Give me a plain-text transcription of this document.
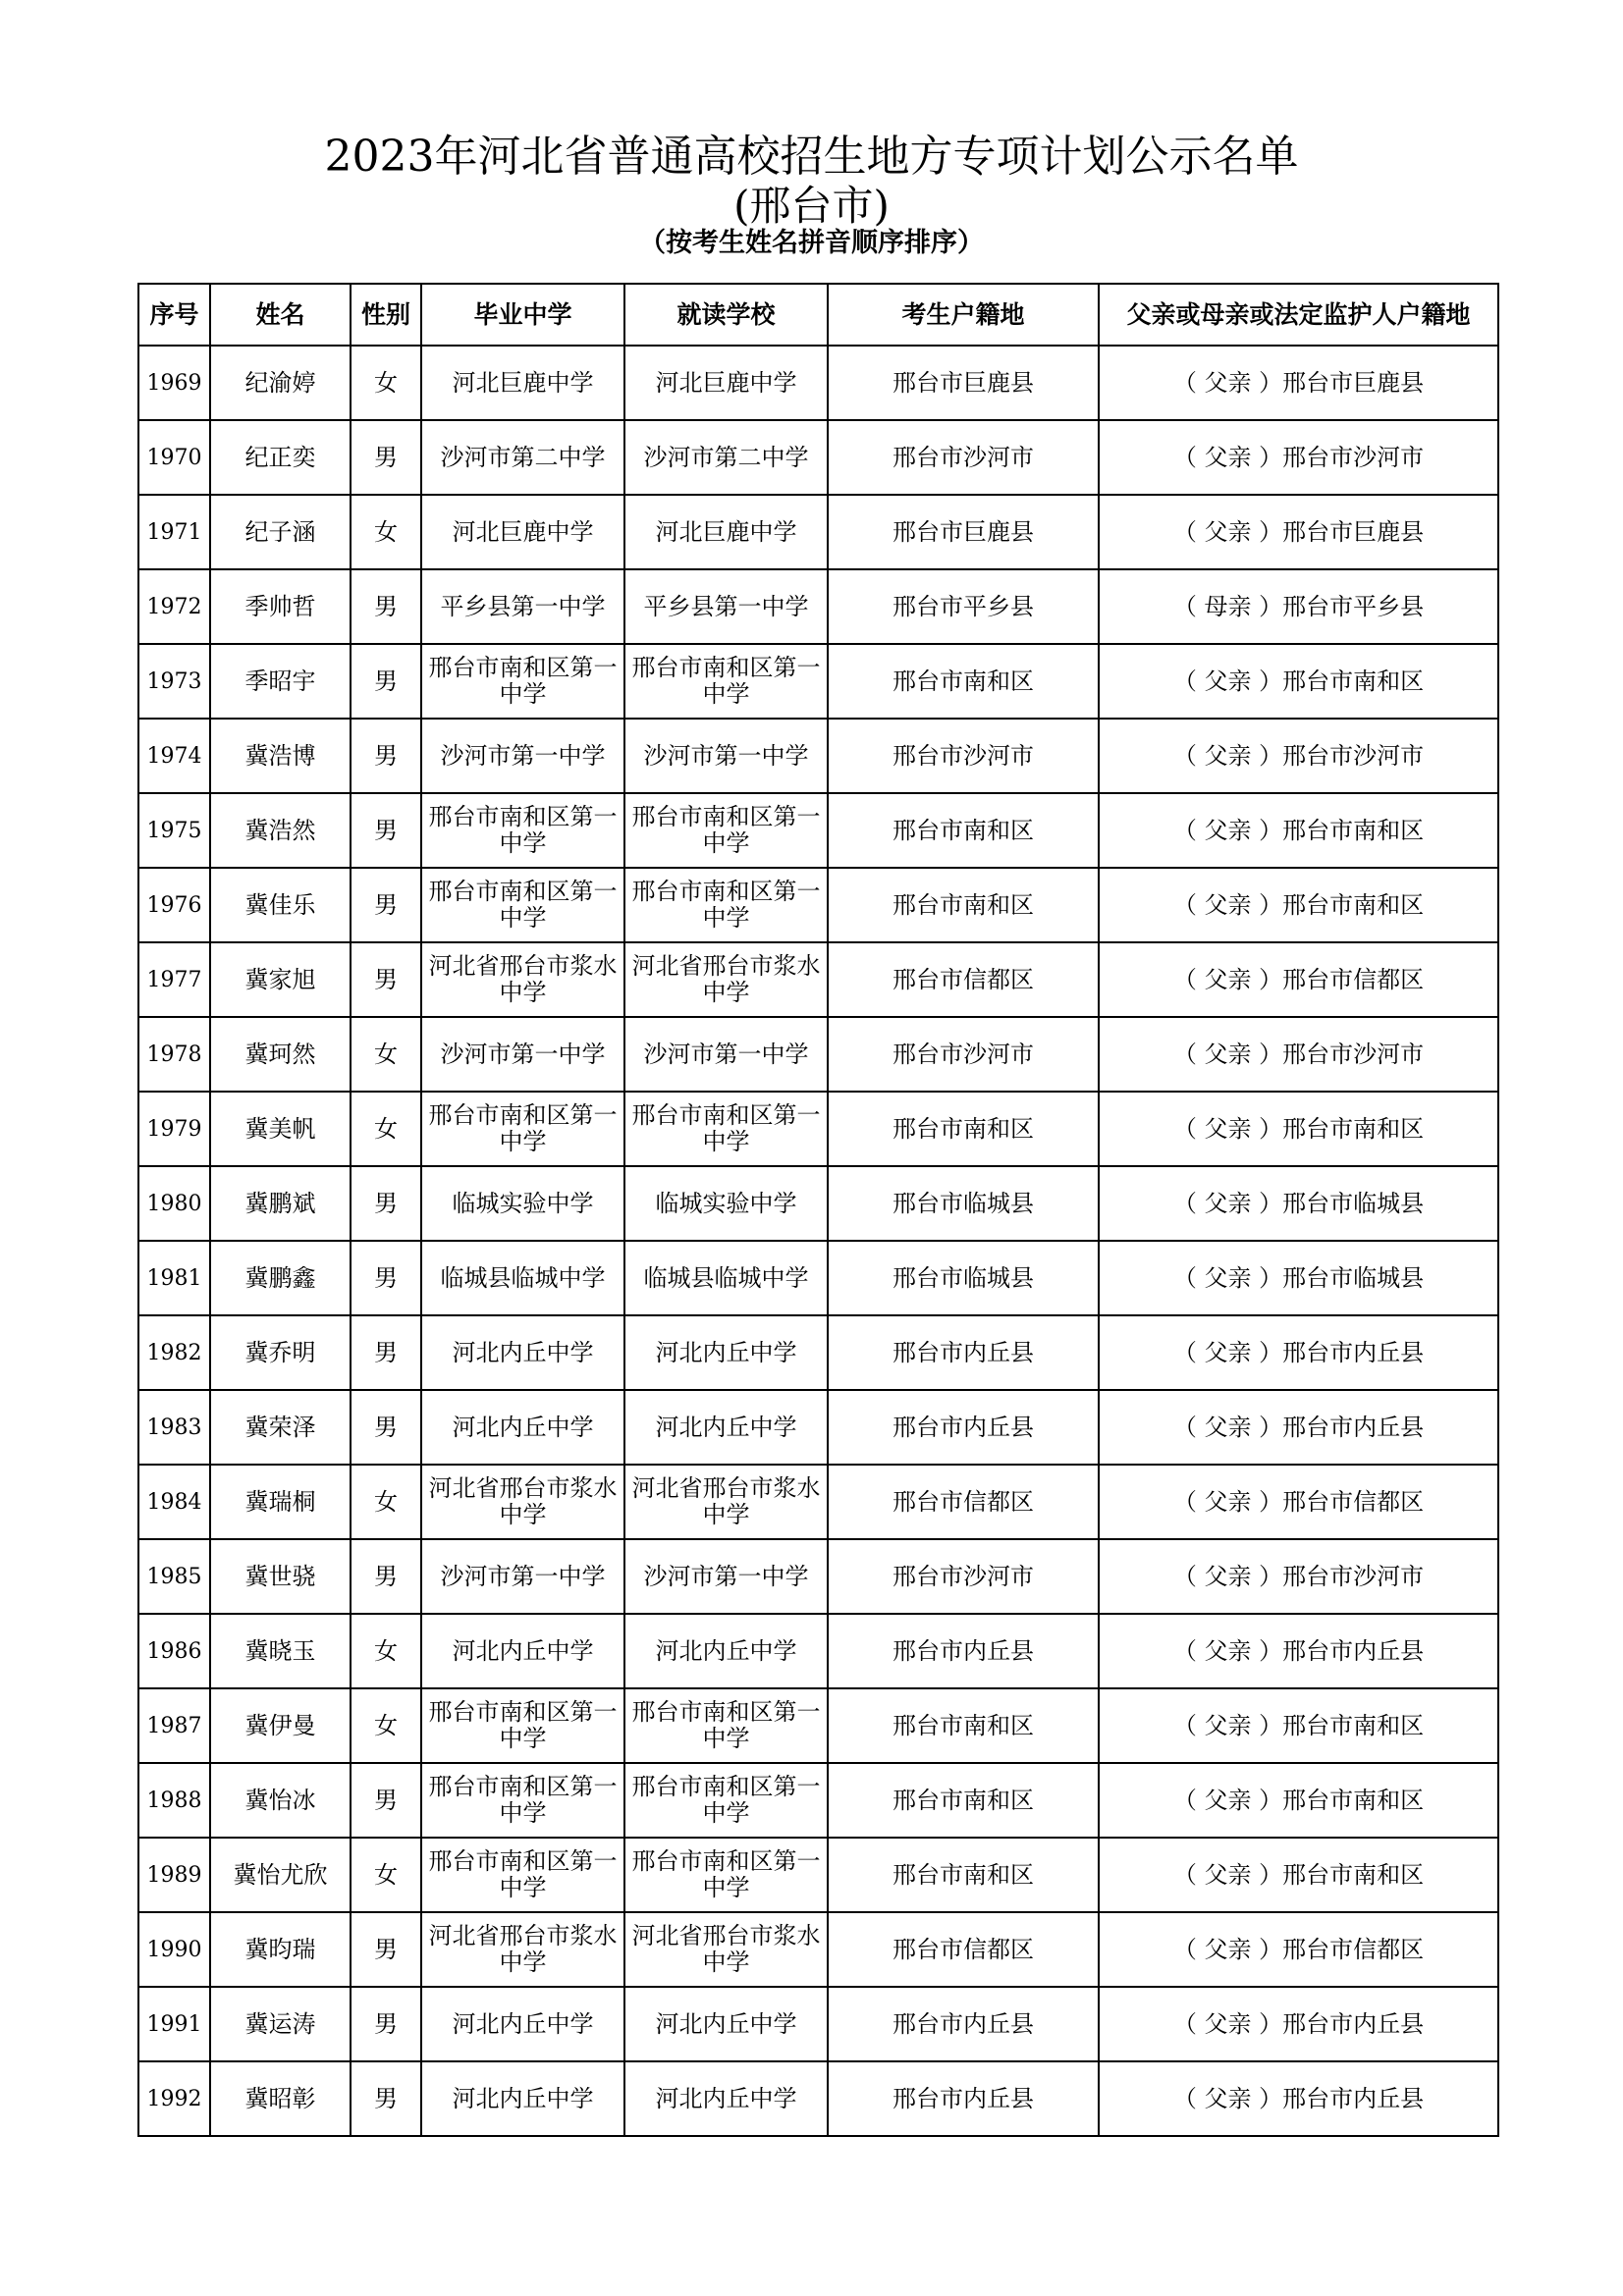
2023年河北省普通高校招生地方专项计划公示名单
(邢台市)
（按考生姓名拼音顺序排序）
序号	姓名	性别	毕业中学	就读学校	考生户籍地	父亲或母亲或法定监护人户籍地
1969	纪渝婷	女	河北巨鹿中学	河北巨鹿中学	邢台市巨鹿县	（ 父亲 ）邢台市巨鹿县
1970	纪正奕	男	沙河市第二中学	沙河市第二中学	邢台市沙河市	（ 父亲 ）邢台市沙河市
1971	纪子涵	女	河北巨鹿中学	河北巨鹿中学	邢台市巨鹿县	（ 父亲 ）邢台市巨鹿县
1972	季帅哲	男	平乡县第一中学	平乡县第一中学	邢台市平乡县	（ 母亲 ）邢台市平乡县
1973	季昭宇	男	邢台市南和区第一中学	邢台市南和区第一中学	邢台市南和区	（ 父亲 ）邢台市南和区
1974	冀浩博	男	沙河市第一中学	沙河市第一中学	邢台市沙河市	（ 父亲 ）邢台市沙河市
1975	冀浩然	男	邢台市南和区第一中学	邢台市南和区第一中学	邢台市南和区	（ 父亲 ）邢台市南和区
1976	冀佳乐	男	邢台市南和区第一中学	邢台市南和区第一中学	邢台市南和区	（ 父亲 ）邢台市南和区
1977	冀家旭	男	河北省邢台市浆水中学	河北省邢台市浆水中学	邢台市信都区	（ 父亲 ）邢台市信都区
1978	冀珂然	女	沙河市第一中学	沙河市第一中学	邢台市沙河市	（ 父亲 ）邢台市沙河市
1979	冀美帆	女	邢台市南和区第一中学	邢台市南和区第一中学	邢台市南和区	（ 父亲 ）邢台市南和区
1980	冀鹏斌	男	临城实验中学	临城实验中学	邢台市临城县	（ 父亲 ）邢台市临城县
1981	冀鹏鑫	男	临城县临城中学	临城县临城中学	邢台市临城县	（ 父亲 ）邢台市临城县
1982	冀乔明	男	河北内丘中学	河北内丘中学	邢台市内丘县	（ 父亲 ）邢台市内丘县
1983	冀荣泽	男	河北内丘中学	河北内丘中学	邢台市内丘县	（ 父亲 ）邢台市内丘县
1984	冀瑞桐	女	河北省邢台市浆水中学	河北省邢台市浆水中学	邢台市信都区	（ 父亲 ）邢台市信都区
1985	冀世骁	男	沙河市第一中学	沙河市第一中学	邢台市沙河市	（ 父亲 ）邢台市沙河市
1986	冀晓玉	女	河北内丘中学	河北内丘中学	邢台市内丘县	（ 父亲 ）邢台市内丘县
1987	冀伊曼	女	邢台市南和区第一中学	邢台市南和区第一中学	邢台市南和区	（ 父亲 ）邢台市南和区
1988	冀怡冰	男	邢台市南和区第一中学	邢台市南和区第一中学	邢台市南和区	（ 父亲 ）邢台市南和区
1989	冀怡尤欣	女	邢台市南和区第一中学	邢台市南和区第一中学	邢台市南和区	（ 父亲 ）邢台市南和区
1990	冀昀瑞	男	河北省邢台市浆水中学	河北省邢台市浆水中学	邢台市信都区	（ 父亲 ）邢台市信都区
1991	冀运涛	男	河北内丘中学	河北内丘中学	邢台市内丘县	（ 父亲 ）邢台市内丘县
1992	冀昭彰	男	河北内丘中学	河北内丘中学	邢台市内丘县	（ 父亲 ）邢台市内丘县
